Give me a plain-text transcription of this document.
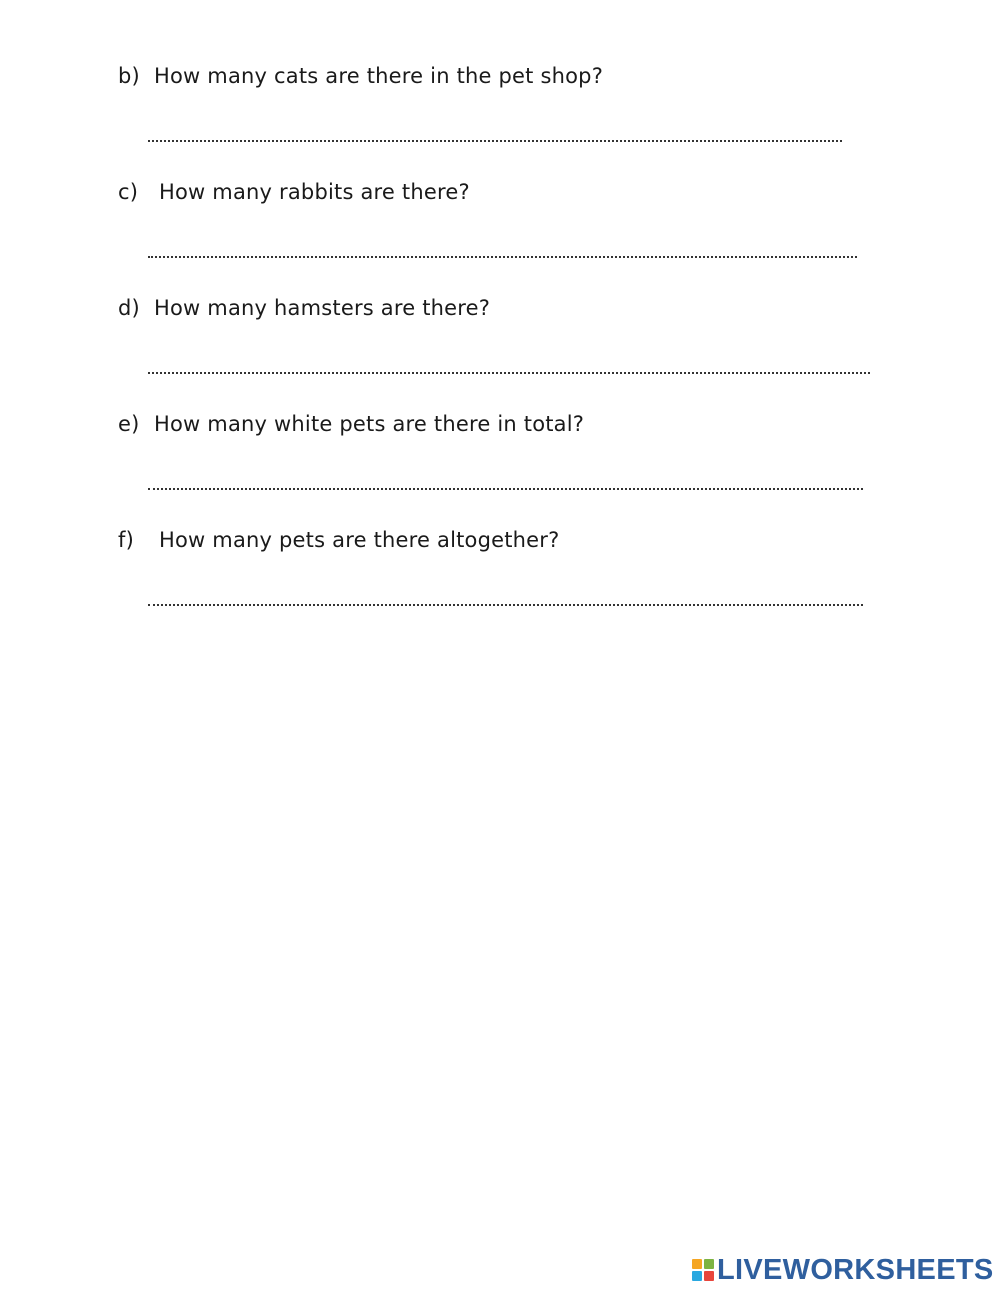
b) How many cats are there in the pet shop?
c) How many rabbits are there?
d) How many hamsters are there?
e) How many white pets are there in total?
f) How many pets are there altogether?
LIVEWORKSHEETS
